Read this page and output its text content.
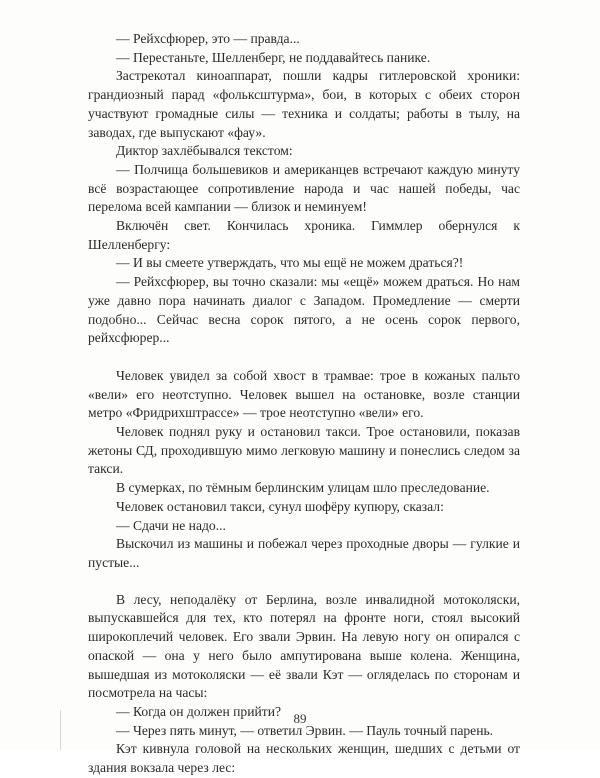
— Рейхсфюрер, это — правда...

— Перестаньте, Шелленберг, не поддавайтесь панике.

Застрекотал киноаппарат, пошли кадры гитлеровской хроники: грандиозный парад «фольксштурма», бои, в которых с обеих сторон участвуют громадные силы — техника и солдаты; работы в тылу, на заводах, где выпускают «фау».

Диктор захлёбывался текстом:

— Полчища большевиков и американцев встречают каждую минуту всё возрастающее сопротивление народа и час нашей победы, час перелома всей кампании — близок и неминуем!

Включён свет. Кончилась хроника. Гиммлер обернулся к Шелленбергу:

— И вы смеете утверждать, что мы ещё не можем драться?!

— Рейхсфюрер, вы точно сказали: мы «ещё» можем драться. Но нам уже давно пора начинать диалог с Западом. Промедление — смерти подобно... Сейчас весна сорок пятого, а не осень сорок первого, рейхсфюрер...

Человек увидел за собой хвост в трамвае: трое в кожаных пальто «вели» его неотступно. Человек вышел на остановке, возле станции метро «Фридрихштрассе» — трое неотступно «вели» его.

Человек поднял руку и остановил такси. Трое остановили, показав жетоны СД, проходившую мимо легковую машину и понеслись следом за такси.

В сумерках, по тёмным берлинским улицам шло преследование.

Человек остановил такси, сунул шофёру купюру, сказал:

— Сдачи не надо...

Выскочил из машины и побежал через проходные дворы — гулкие и пустые...

В лесу, неподалёку от Берлина, возле инвалидной мотоколяски, выпускавшейся для тех, кто потерял на фронте ноги, стоял высокий широкоплечий человек. Его звали Эрвин. На левую ногу он опирался с опаской — она у него было ампутирована выше колена. Женщина, вышедшая из мотоколяски — её звали Кэт — огляделась по сторонам и посмотрела на часы:

— Когда он должен прийти?

— Через пять минут, — ответил Эрвин. — Пауль точный парень.

Кэт кивнула головой на нескольких женщин, шедших с детьми от здания вокзала через лес:

89
